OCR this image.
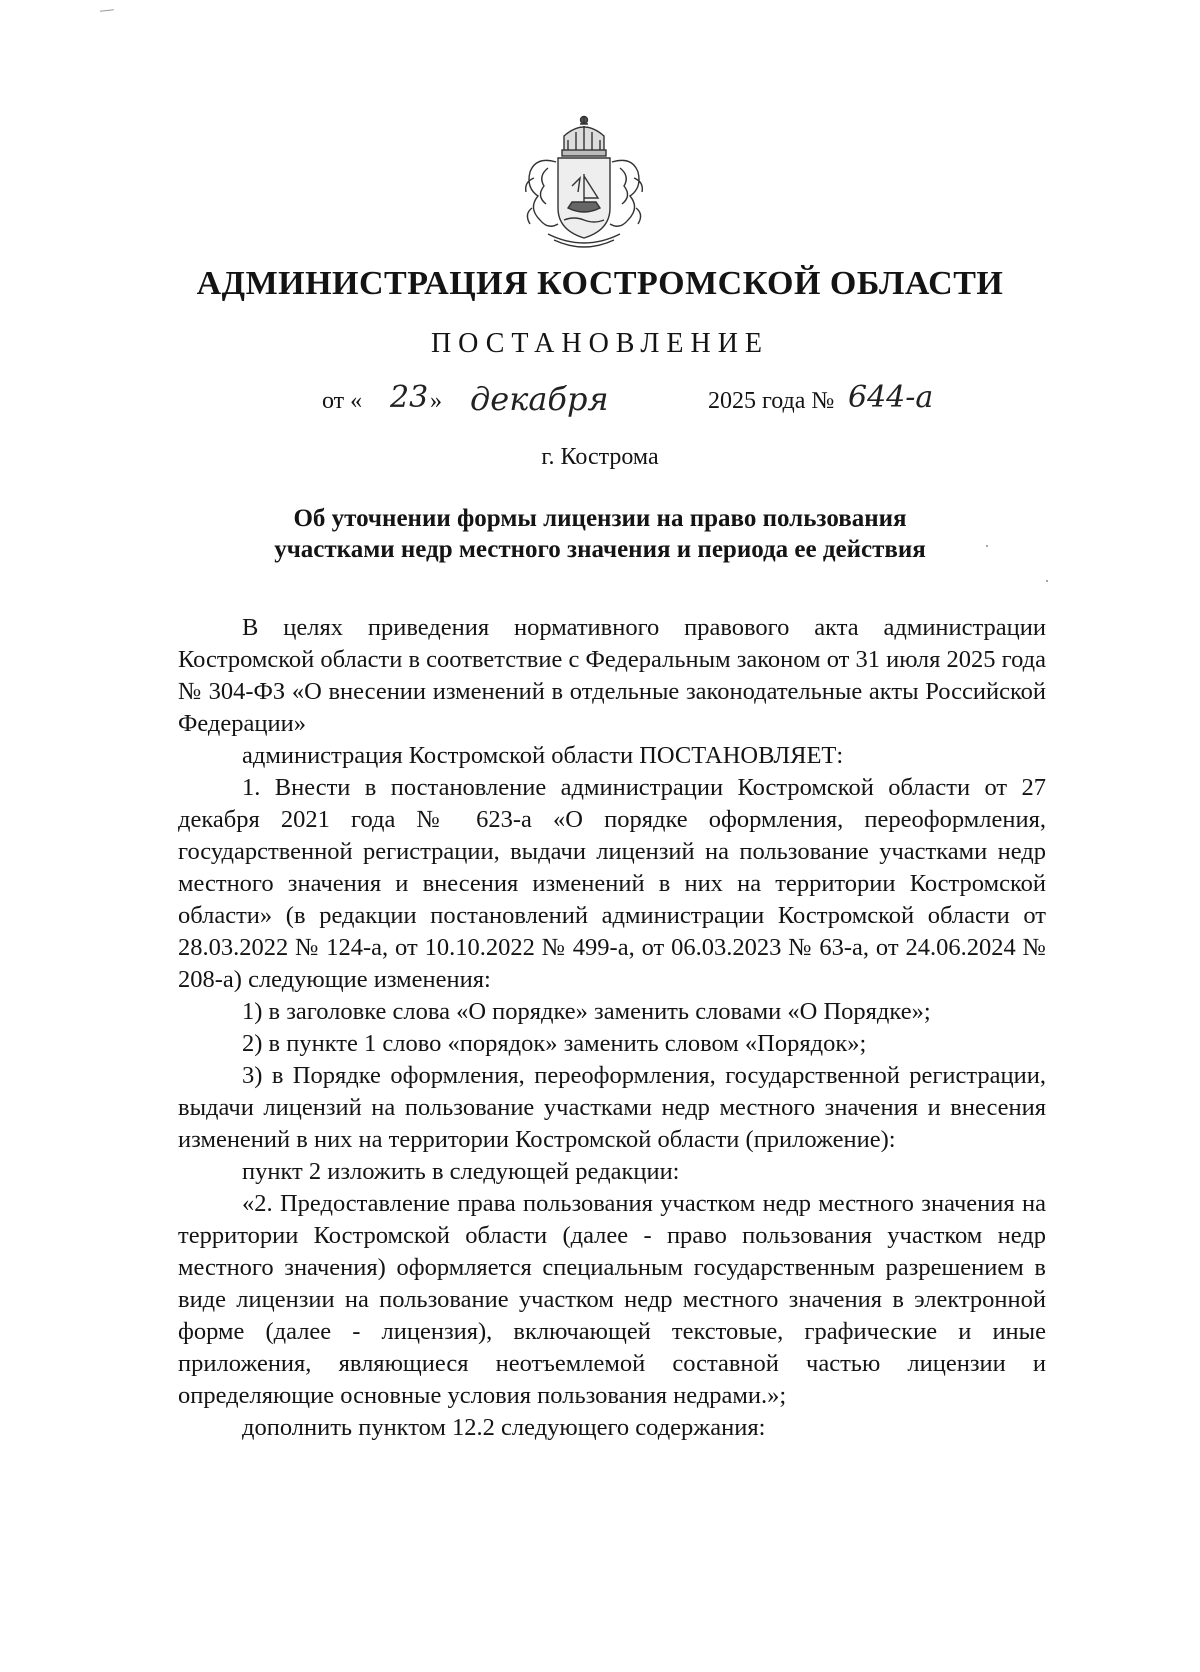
АДМИНИСТРАЦИЯ КОСТРОМСКОЙ ОБЛАСТИ
ПОСТАНОВЛЕНИЕ
от « 23 » декабря	2025 года № 644-а
г. Кострома
Об уточнении формы лицензии на право пользования
участками недр местного значения и периода ее действия

В целях приведения нормативного правового акта администрации Костромской области в соответствие с Федеральным законом от 31 июля 2025 года № 304-ФЗ «О внесении изменений в отдельные законодательные акты Российской Федерации»

администрация Костромской области ПОСТАНОВЛЯЕТ:

1. Внести в постановление администрации Костромской области от 27 декабря 2021 года № 623-а «О порядке оформления, переоформления, государственной регистрации, выдачи лицензий на пользование участками недр местного значения и внесения изменений в них на территории Костромской области» (в редакции постановлений администрации Костромской области от 28.03.2022 № 124-а, от 10.10.2022 № 499-а, от 06.03.2023 № 63-а, от 24.06.2024 № 208-а) следующие изменения:

1) в заголовке слова «О порядке» заменить словами «О Порядке»;

2) в пункте 1 слово «порядок» заменить словом «Порядок»;

3) в Порядке оформления, переоформления, государственной регистрации, выдачи лицензий на пользование участками недр местного значения и внесения изменений в них на территории Костромской области (приложение):

пункт 2 изложить в следующей редакции:

«2. Предоставление права пользования участком недр местного значения на территории Костромской области (далее - право пользования участком недр местного значения) оформляется специальным государственным разрешением в виде лицензии на пользование участком недр местного значения в электронной форме (далее - лицензия), включающей текстовые, графические и иные приложения, являющиеся неотъемлемой составной частью лицензии и определяющие основные условия пользования недрами.»;

дополнить пунктом 12.2 следующего содержания:
